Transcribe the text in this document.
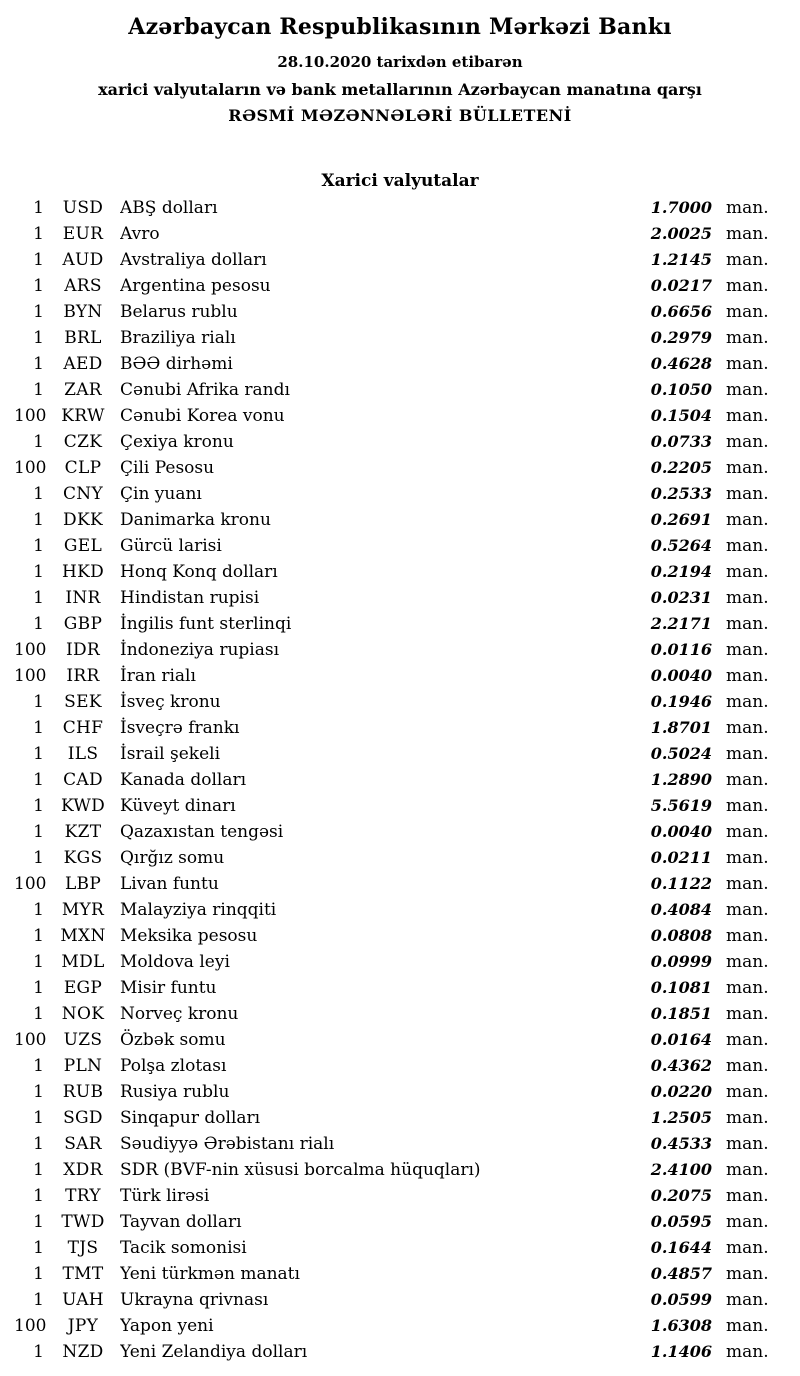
Azərbaycan Respublikasının Mərkəzi Bankı
28.10.2020 tarixdən etibarən
xarici valyutaların və bank metallarının Azərbaycan manatına qarşı
RƏSMİ MƏZƏNNƏLƏRİ BÜLLETENİ
Xarici valyutalar
1	USD ABŞ dolları	1.7000 man.
1	EUR Avro	2.0025 man.
1	AUD Avstraliya dolları	1.2145 man.
1	ARS	Argentina pesosu	0.0217 man.
1	BYN	Belarus rublu	0.6656 man.
1	BRL	Braziliya rialı	0.2979 man.
1	AED	BƏƏ dirhəmi	0.4628 man.
1	ZAR	Cənubi Afrika randı	0.1050 man.
100 KRW Cənubi Korea vonu	0.1504 man.
1	CZK	Çexiya kronu	0.0733 man.
100	CLP	Çili Pesosu	0.2205 man.
1	CNY	Çin yuanı	0.2533 man.
1	DKK	Danimarka kronu	0.2691 man.
1	GEL	Gürcü larisi	0.5264 man.
1	HKD Honq Konq dolları	0.2194 man.
1	INR	Hindistan rupisi	0.0231 man.
1	GBP	İngilis funt sterlinqi	2.2171 man.
100	IDR	İndoneziya rupiası	0.0116 man.
100	IRR	İran rialı	0.0040 man.
1	SEK	İsveç kronu	0.1946 man.
1	CHF İsveçrə frankı	1.8701 man.
1	ILS	İsrail şekeli	0.5024 man.
1	CAD	Kanada dolları	1.2890 man.
1 KWD Küveyt dinarı	5.5619 man.
1	KZT	Qazaxıstan tengəsi	0.0040 man.
1	KGS	Qırğız somu	0.0211 man.
100	LBP	Livan funtu	0.1122 man.
1	MYR Malayziya rinqqiti	0.4084 man.
1 MXN Meksika pesosu	0.0808 man.
1	MDL Moldova leyi	0.0999 man.
1	EGP	Misir funtu	0.1081 man.
1	NOK Norveç kronu	0.1851 man.
100	UZS	Özbək somu	0.0164 man.
1	PLN	Polşa zlotası	0.4362 man.
1	RUB Rusiya rublu	0.0220 man.
1	SGD	Sinqapur dolları	1.2505 man.
1	SAR	Səudiyyə Ərəbistanı rialı	0.4533 man.
1	XDR	SDR (BVF-nin xüsusi borcalma hüquqları)	2.4100 man.
1	TRY	Türk lirəsi	0.2075 man.
1	TWD Tayvan dolları	0.0595 man.
1	TJS	Tacik somonisi	0.1644 man.
1	TMT Yeni türkmən manatı	0.4857 man.
1	UAH Ukrayna qrivnası	0.0599 man.
100	JPY	Yapon yeni	1.6308 man.
1	NZD Yeni Zelandiya dolları	1.1406 man.
